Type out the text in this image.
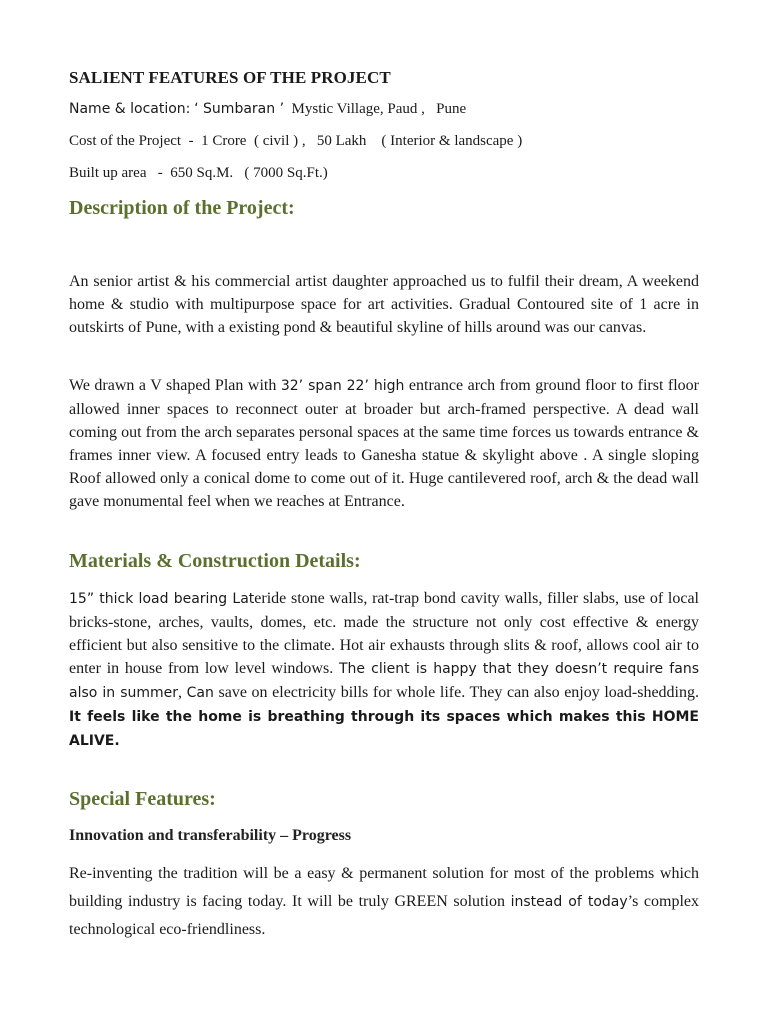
SALIENT FEATURES OF THE PROJECT
Name & location: ‘ Sumbaran ’  Mystic Village, Paud ,   Pune
Cost of the Project  -  1 Crore  ( civil ) ,   50 Lakh    ( Interior & landscape )
Built up area   -  650 Sq.M.   ( 7000 Sq.Ft.)
Description of the Project:
An senior artist & his commercial artist daughter approached us to fulfil their dream, A weekend home & studio with multipurpose space for art activities. Gradual Contoured site of 1 acre in outskirts of Pune, with a existing pond & beautiful skyline of hills around was our canvas.
We drawn a V shaped Plan with 32’ span 22’ high entrance arch from ground floor to first floor allowed inner spaces to reconnect outer at broader but arch-framed perspective. A dead wall coming out from the arch separates personal spaces at the same time forces us towards entrance & frames inner view. A focused entry leads to Ganesha statue & skylight above . A single sloping Roof allowed only a conical dome to come out of it. Huge cantilevered roof, arch & the dead wall gave monumental feel when we reaches at Entrance.
Materials & Construction Details:
15” thick load bearing Lateride stone walls, rat-trap bond cavity walls, filler slabs, use of local bricks-stone, arches, vaults, domes, etc. made the structure not only cost effective & energy efficient but also sensitive to the climate. Hot air exhausts through slits & roof, allows cool air to enter in house from low level windows. The client is happy that they doesn’t require fans also in summer, Can save on electricity bills for whole life. They can also enjoy load-shedding. It feels like the home is breathing through its spaces which makes this HOME ALIVE.
Special Features:
Innovation and transferability – Progress
Re-inventing the tradition will be a easy & permanent solution for most of the problems which building industry is facing today. It will be truly GREEN solution instead of today’s complex technological eco-friendliness.
